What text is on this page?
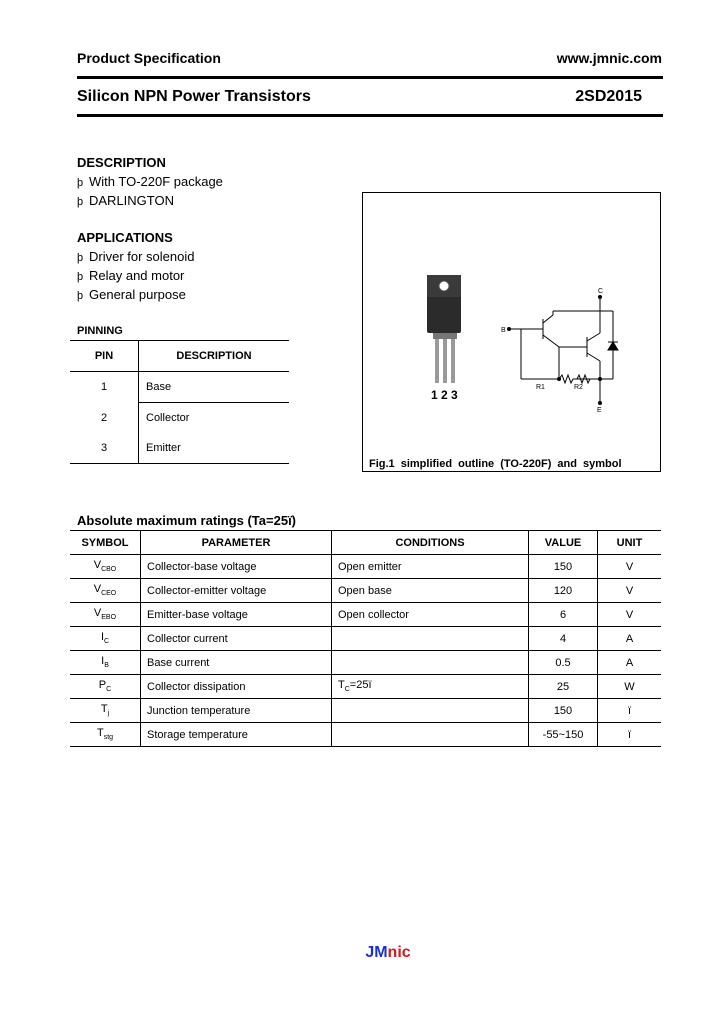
Product Specification	www.jmnic.com
Silicon NPN Power Transistors	2SD2015
DESCRIPTION
þ With TO-220F package
þ DARLINGTON
APPLICATIONS
þ Driver for solenoid
þ Relay and motor
þ General purpose
PINNING
PIN	DESCRIPTION
1	Base
2	Collector
3	Emitter
1 2 3
C
B
E
R1	R2
Fig.1 simplified outline (TO-220F) and symbol
Absolute maximum ratings (Ta=25ï)
SYMBOL	PARAMETER	CONDITIONS	VALUE	UNIT
$V_{CBO}$	Collector-base voltage	Open emitter	150	V
$V_{CEO}$	Collector-emitter voltage	Open base	120	V
$V_{EBO}$	Emitter-base voltage	Open collector	6	V
$I_C$	Collector current		4	A
$I_B$	Base current		0.5	A
$P_C$	Collector dissipation	$T_C=25ï$	25	W
$T_j$	Junction temperature		150	ï
$T_{stg}$	Storage temperature		-55~150	ï
JMnic
